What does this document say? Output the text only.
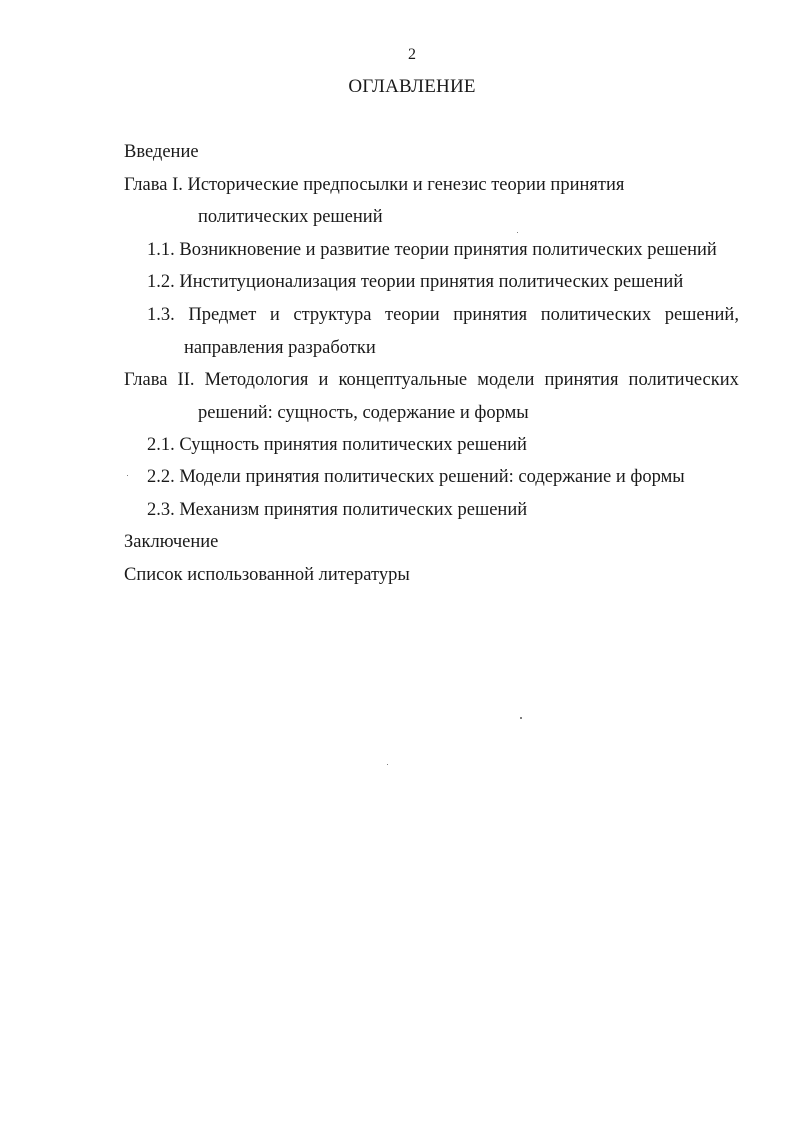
2
ОГЛАВЛЕНИЕ
Введение
Глава I. Исторические предпосылки и генезис теории принятия
политических решений
1.1. Возникновение и развитие теории принятия политических решений
1.2. Институционализация теории принятия политических решений
1.3. Предмет и структура теории принятия политических решений,
направления разработки
Глава II. Методология и концептуальные модели принятия политических
решений: сущность, содержание и формы
2.1. Сущность принятия политических решений
2.2. Модели принятия политических решений: содержание и формы
2.3. Механизм принятия политических решений
Заключение
Список использованной литературы
